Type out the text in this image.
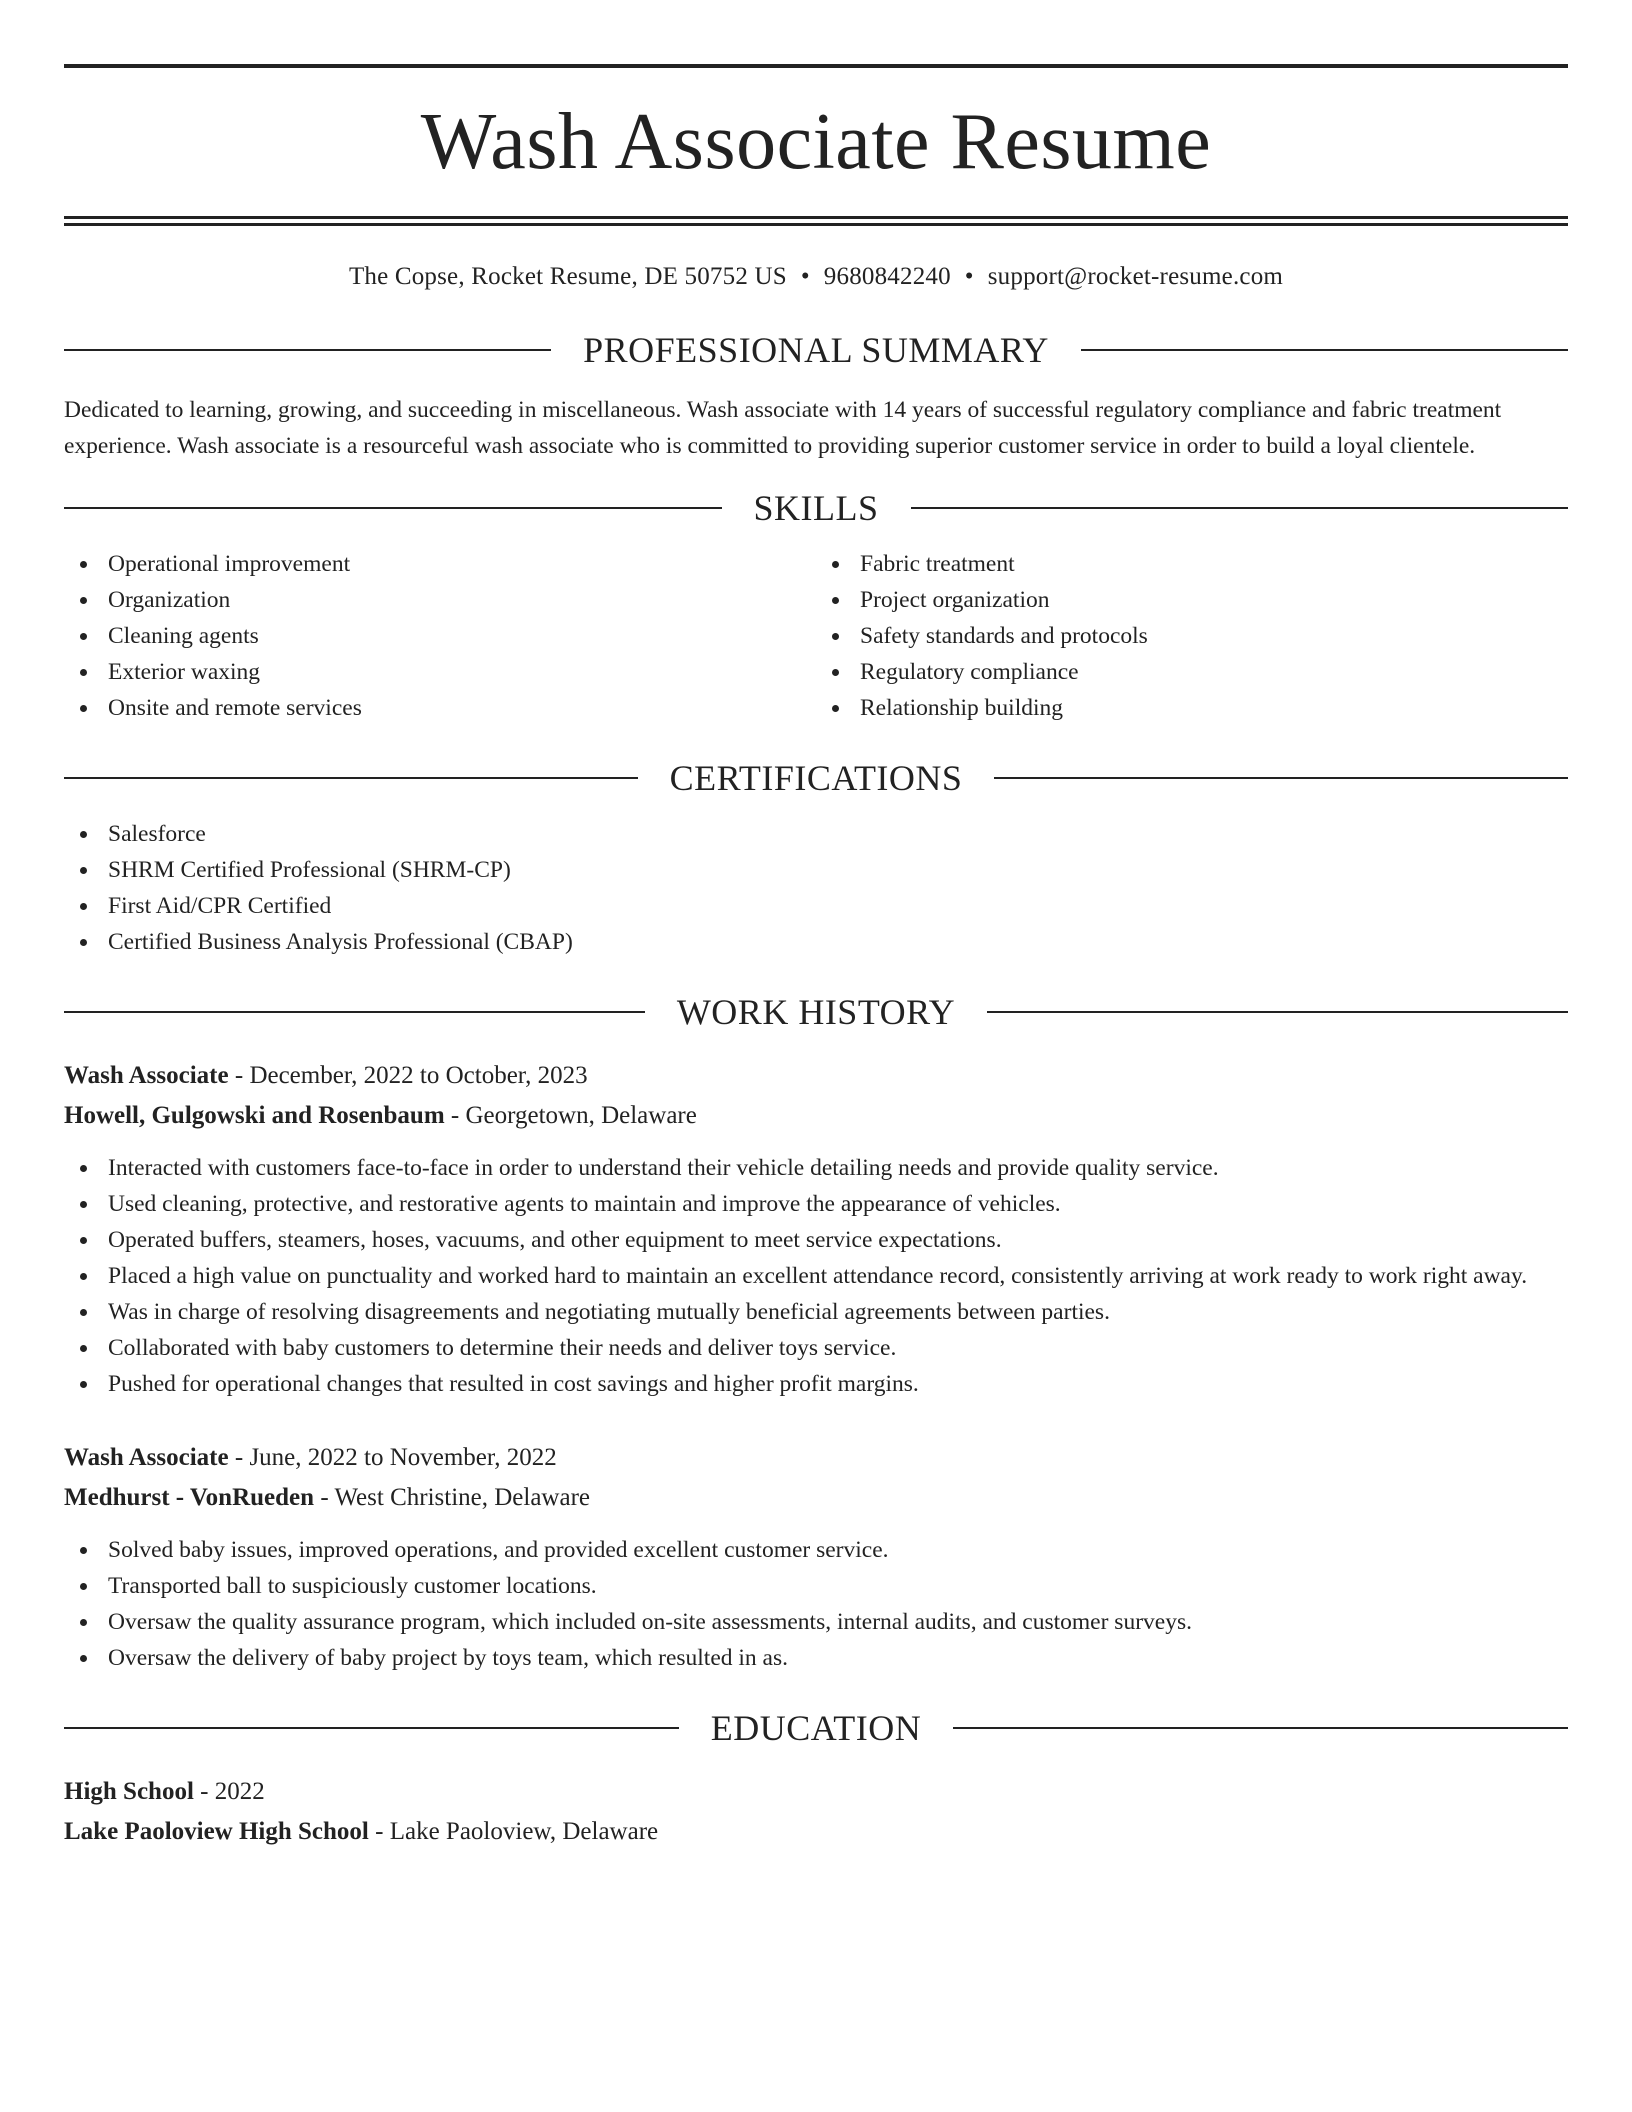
Wash Associate Resume
The Copse, Rocket Resume, DE 50752 US • 9680842240 • support@rocket-resume.com
PROFESSIONAL SUMMARY

Dedicated to learning, growing, and succeeding in miscellaneous. Wash associate with 14 years of successful regulatory compliance and fabric treatment experience. Wash associate is a resourceful wash associate who is committed to providing superior customer service in order to build a loyal clientele.

SKILLS
Operational improvement
Organization
Cleaning agents
Exterior waxing
Onsite and remote services
Fabric treatment
Project organization
Safety standards and protocols
Regulatory compliance
Relationship building
CERTIFICATIONS
Salesforce
SHRM Certified Professional (SHRM-CP)
First Aid/CPR Certified
Certified Business Analysis Professional (CBAP)
WORK HISTORY
Wash Associate - December, 2022 to October, 2023
Howell, Gulgowski and Rosenbaum - Georgetown, Delaware
Interacted with customers face-to-face in order to understand their vehicle detailing needs and provide quality service.
Used cleaning, protective, and restorative agents to maintain and improve the appearance of vehicles.
Operated buffers, steamers, hoses, vacuums, and other equipment to meet service expectations.
Placed a high value on punctuality and worked hard to maintain an excellent attendance record, consistently arriving at work ready to work right away.
Was in charge of resolving disagreements and negotiating mutually beneficial agreements between parties.
Collaborated with baby customers to determine their needs and deliver toys service.
Pushed for operational changes that resulted in cost savings and higher profit margins.
Wash Associate - June, 2022 to November, 2022
Medhurst - VonRueden - West Christine, Delaware
Solved baby issues, improved operations, and provided excellent customer service.
Transported ball to suspiciously customer locations.
Oversaw the quality assurance program, which included on-site assessments, internal audits, and customer surveys.
Oversaw the delivery of baby project by toys team, which resulted in as.
EDUCATION
High School - 2022
Lake Paoloview High School - Lake Paoloview, Delaware
